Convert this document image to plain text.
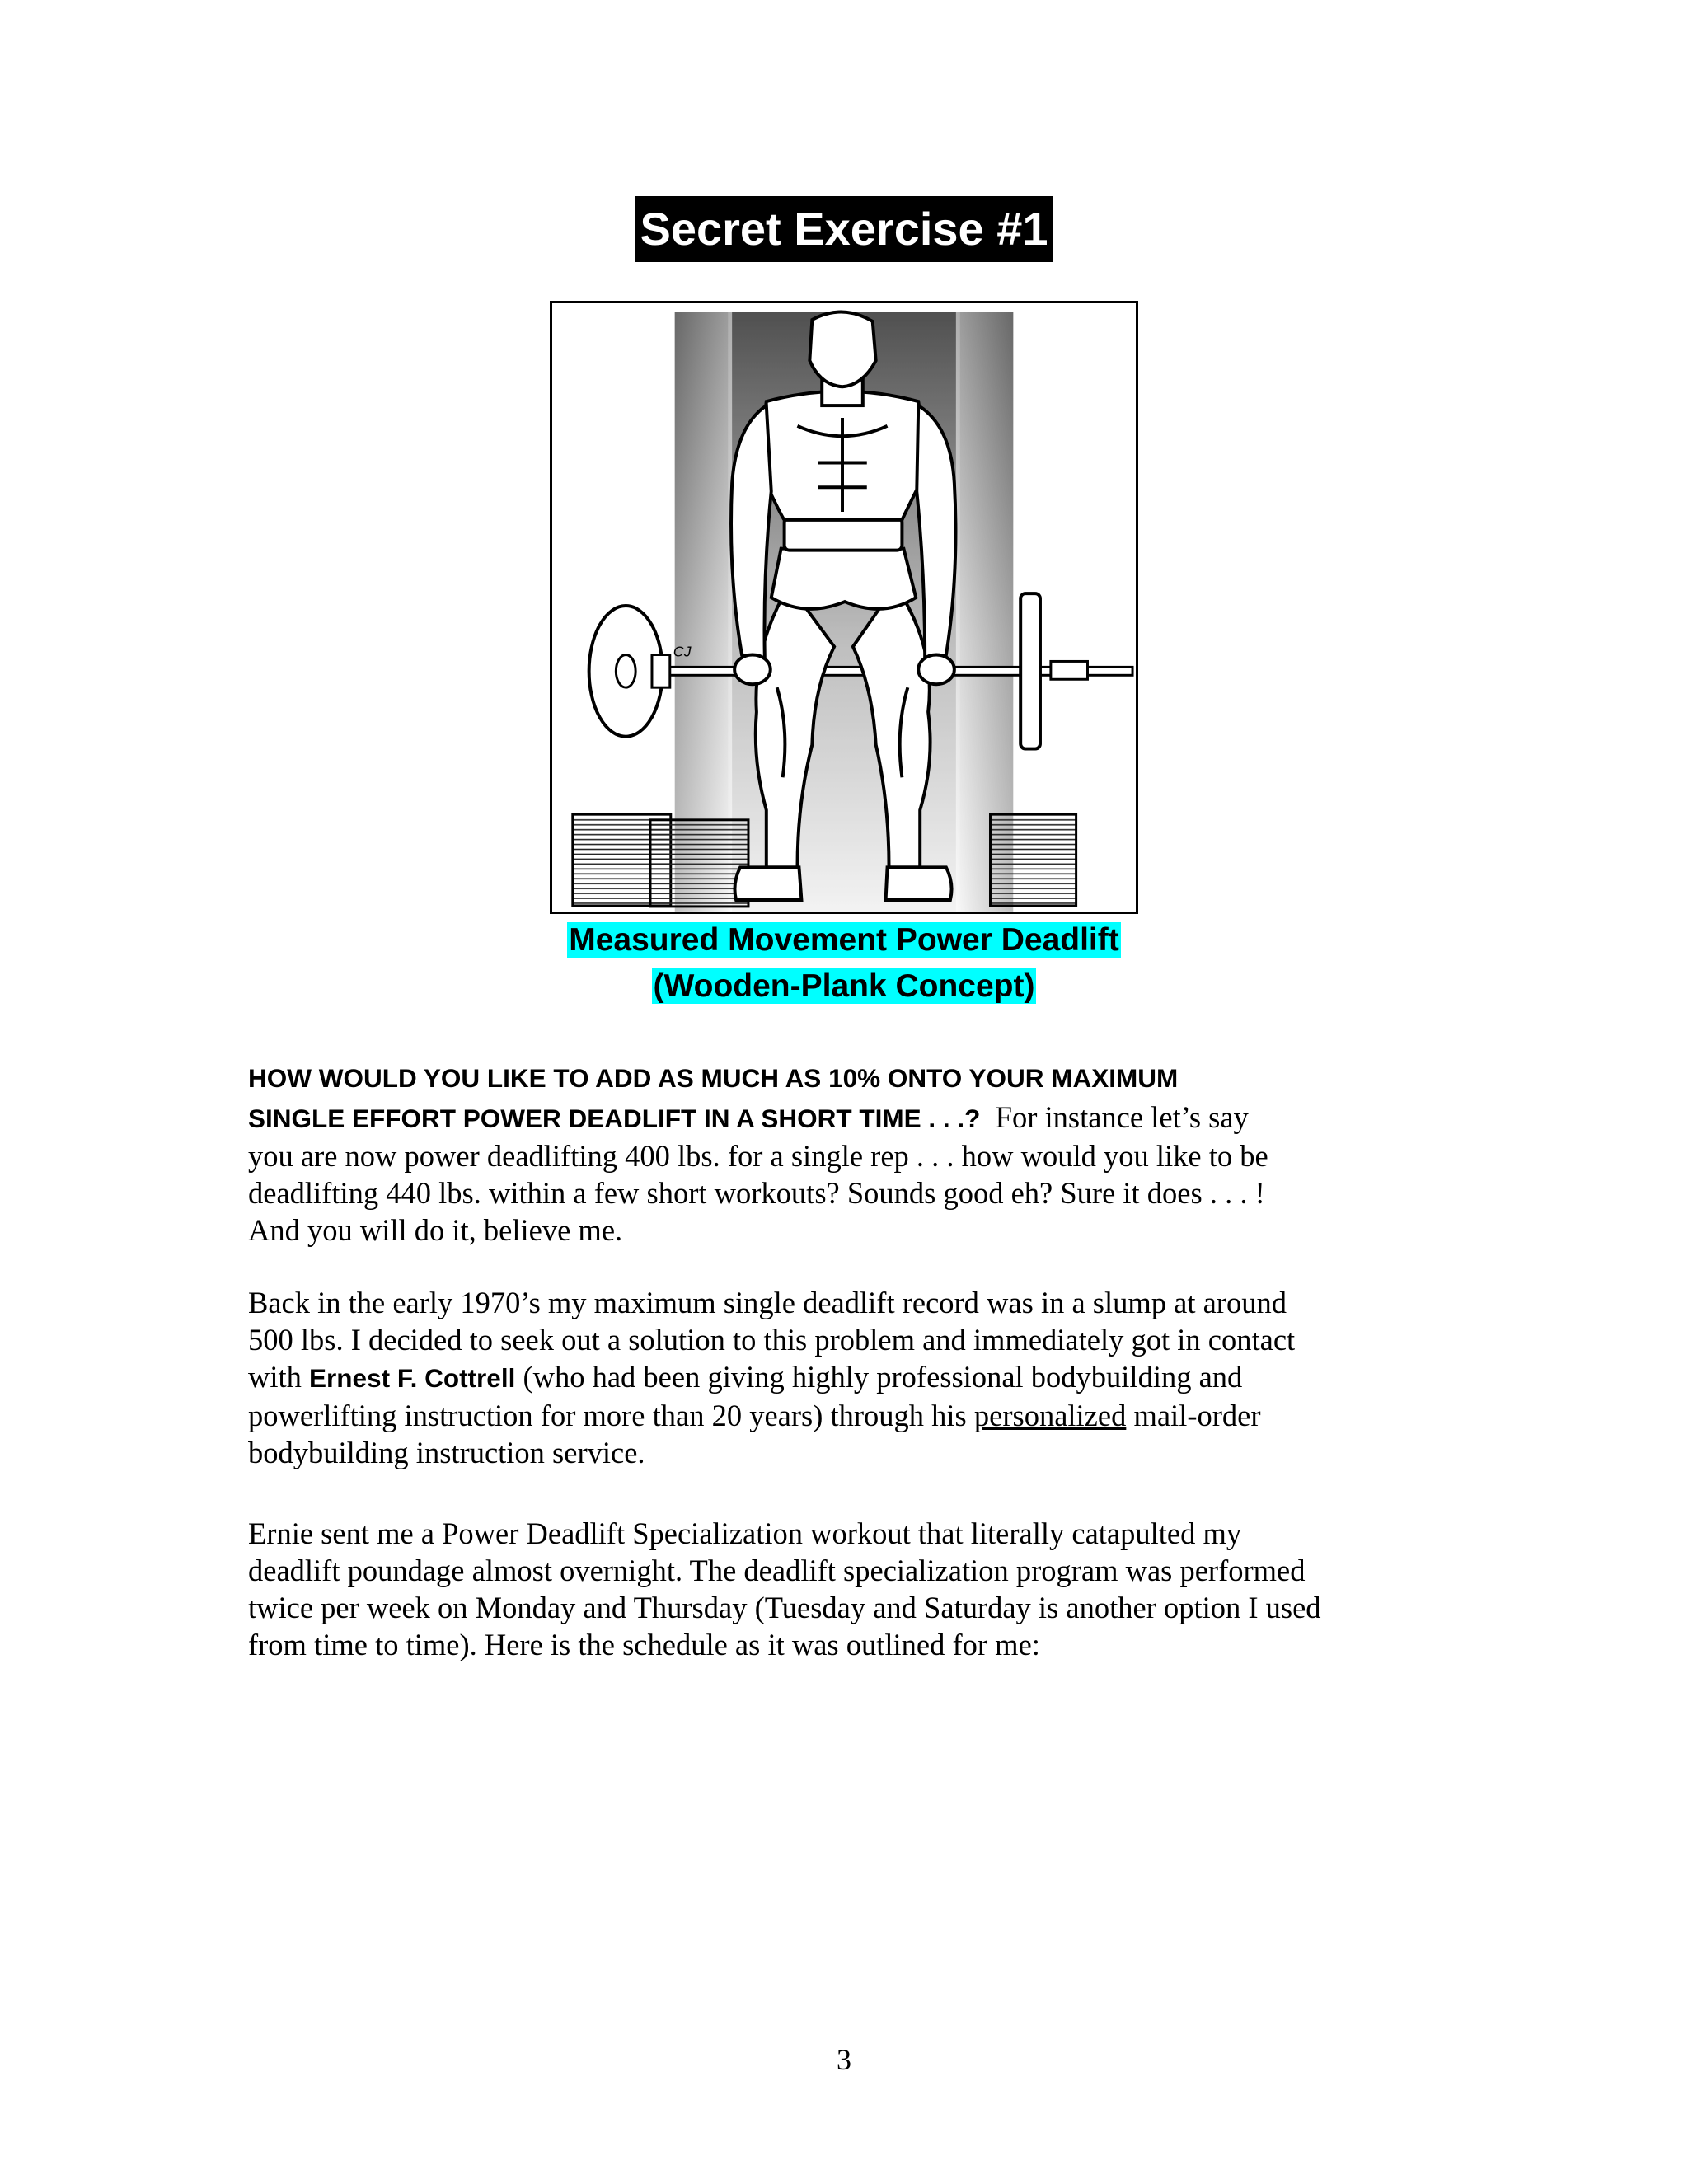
Secret Exercise #1
CJ
Measured Movement Power Deadlift
(Wooden-Plank Concept)
HOW WOULD YOU LIKE TO ADD AS MUCH AS 10% ONTO YOUR MAXIMUM
SINGLE EFFORT POWER DEADLIFT IN A SHORT TIME . . .? For instance let’s say
you are now power deadlifting 400 lbs. for a single rep . . . how would you like to be
deadlifting 440 lbs. within a few short workouts? Sounds good eh? Sure it does . . . !
And you will do it, believe me.
Back in the early 1970’s my maximum single deadlift record was in a slump at around
500 lbs. I decided to seek out a solution to this problem and immediately got in contact
with Ernest F. Cottrell (who had been giving highly professional bodybuilding and
powerlifting instruction for more than 20 years) through his personalized mail-order
bodybuilding instruction service.
Ernie sent me a Power Deadlift Specialization workout that literally catapulted my
deadlift poundage almost overnight. The deadlift specialization program was performed
twice per week on Monday and Thursday (Tuesday and Saturday is another option I used
from time to time). Here is the schedule as it was outlined for me:
3
